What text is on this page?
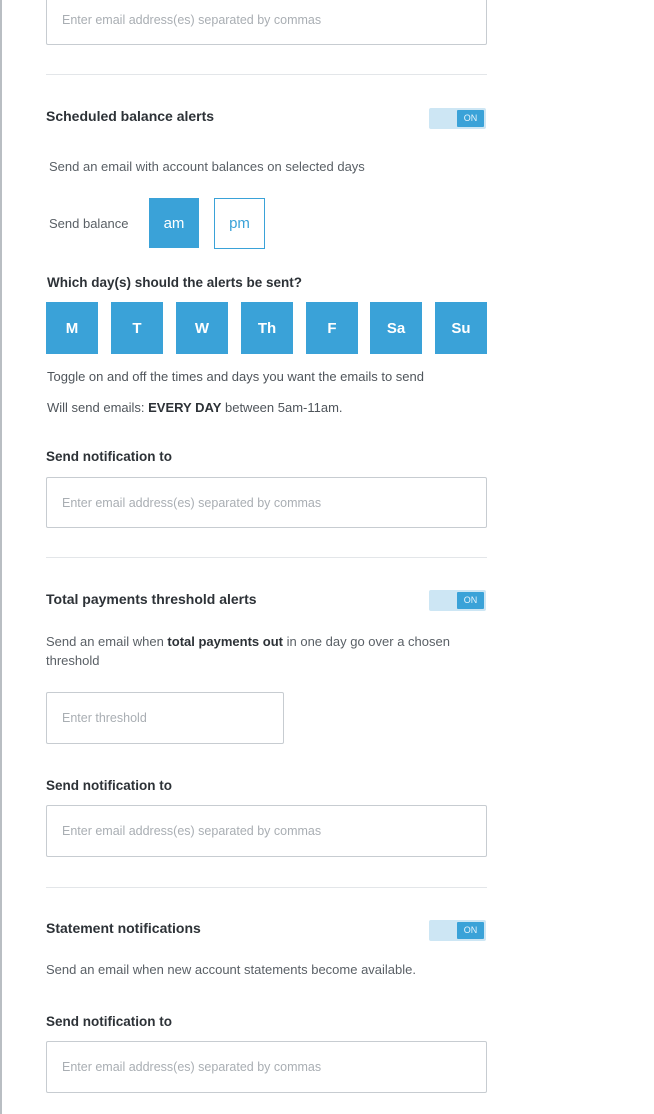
Enter email address(es) separated by commas
Scheduled balance alerts	ON
Send an email with account balances on selected days
Send balance	am	pm
Which day(s) should the alerts be sent?
M	T	W	Th	F	Sa	Su
Toggle on and off the times and days you want the emails to send
Will send emails: EVERY DAY between 5am-11am.
Send notification to
Enter email address(es) separated by commas
Total payments threshold alerts	ON
Send an email when total payments out in one day go over a chosen threshold
Enter threshold
Send notification to
Enter email address(es) separated by commas
Statement notifications	ON
Send an email when new account statements become available.
Send notification to
Enter email address(es) separated by commas
